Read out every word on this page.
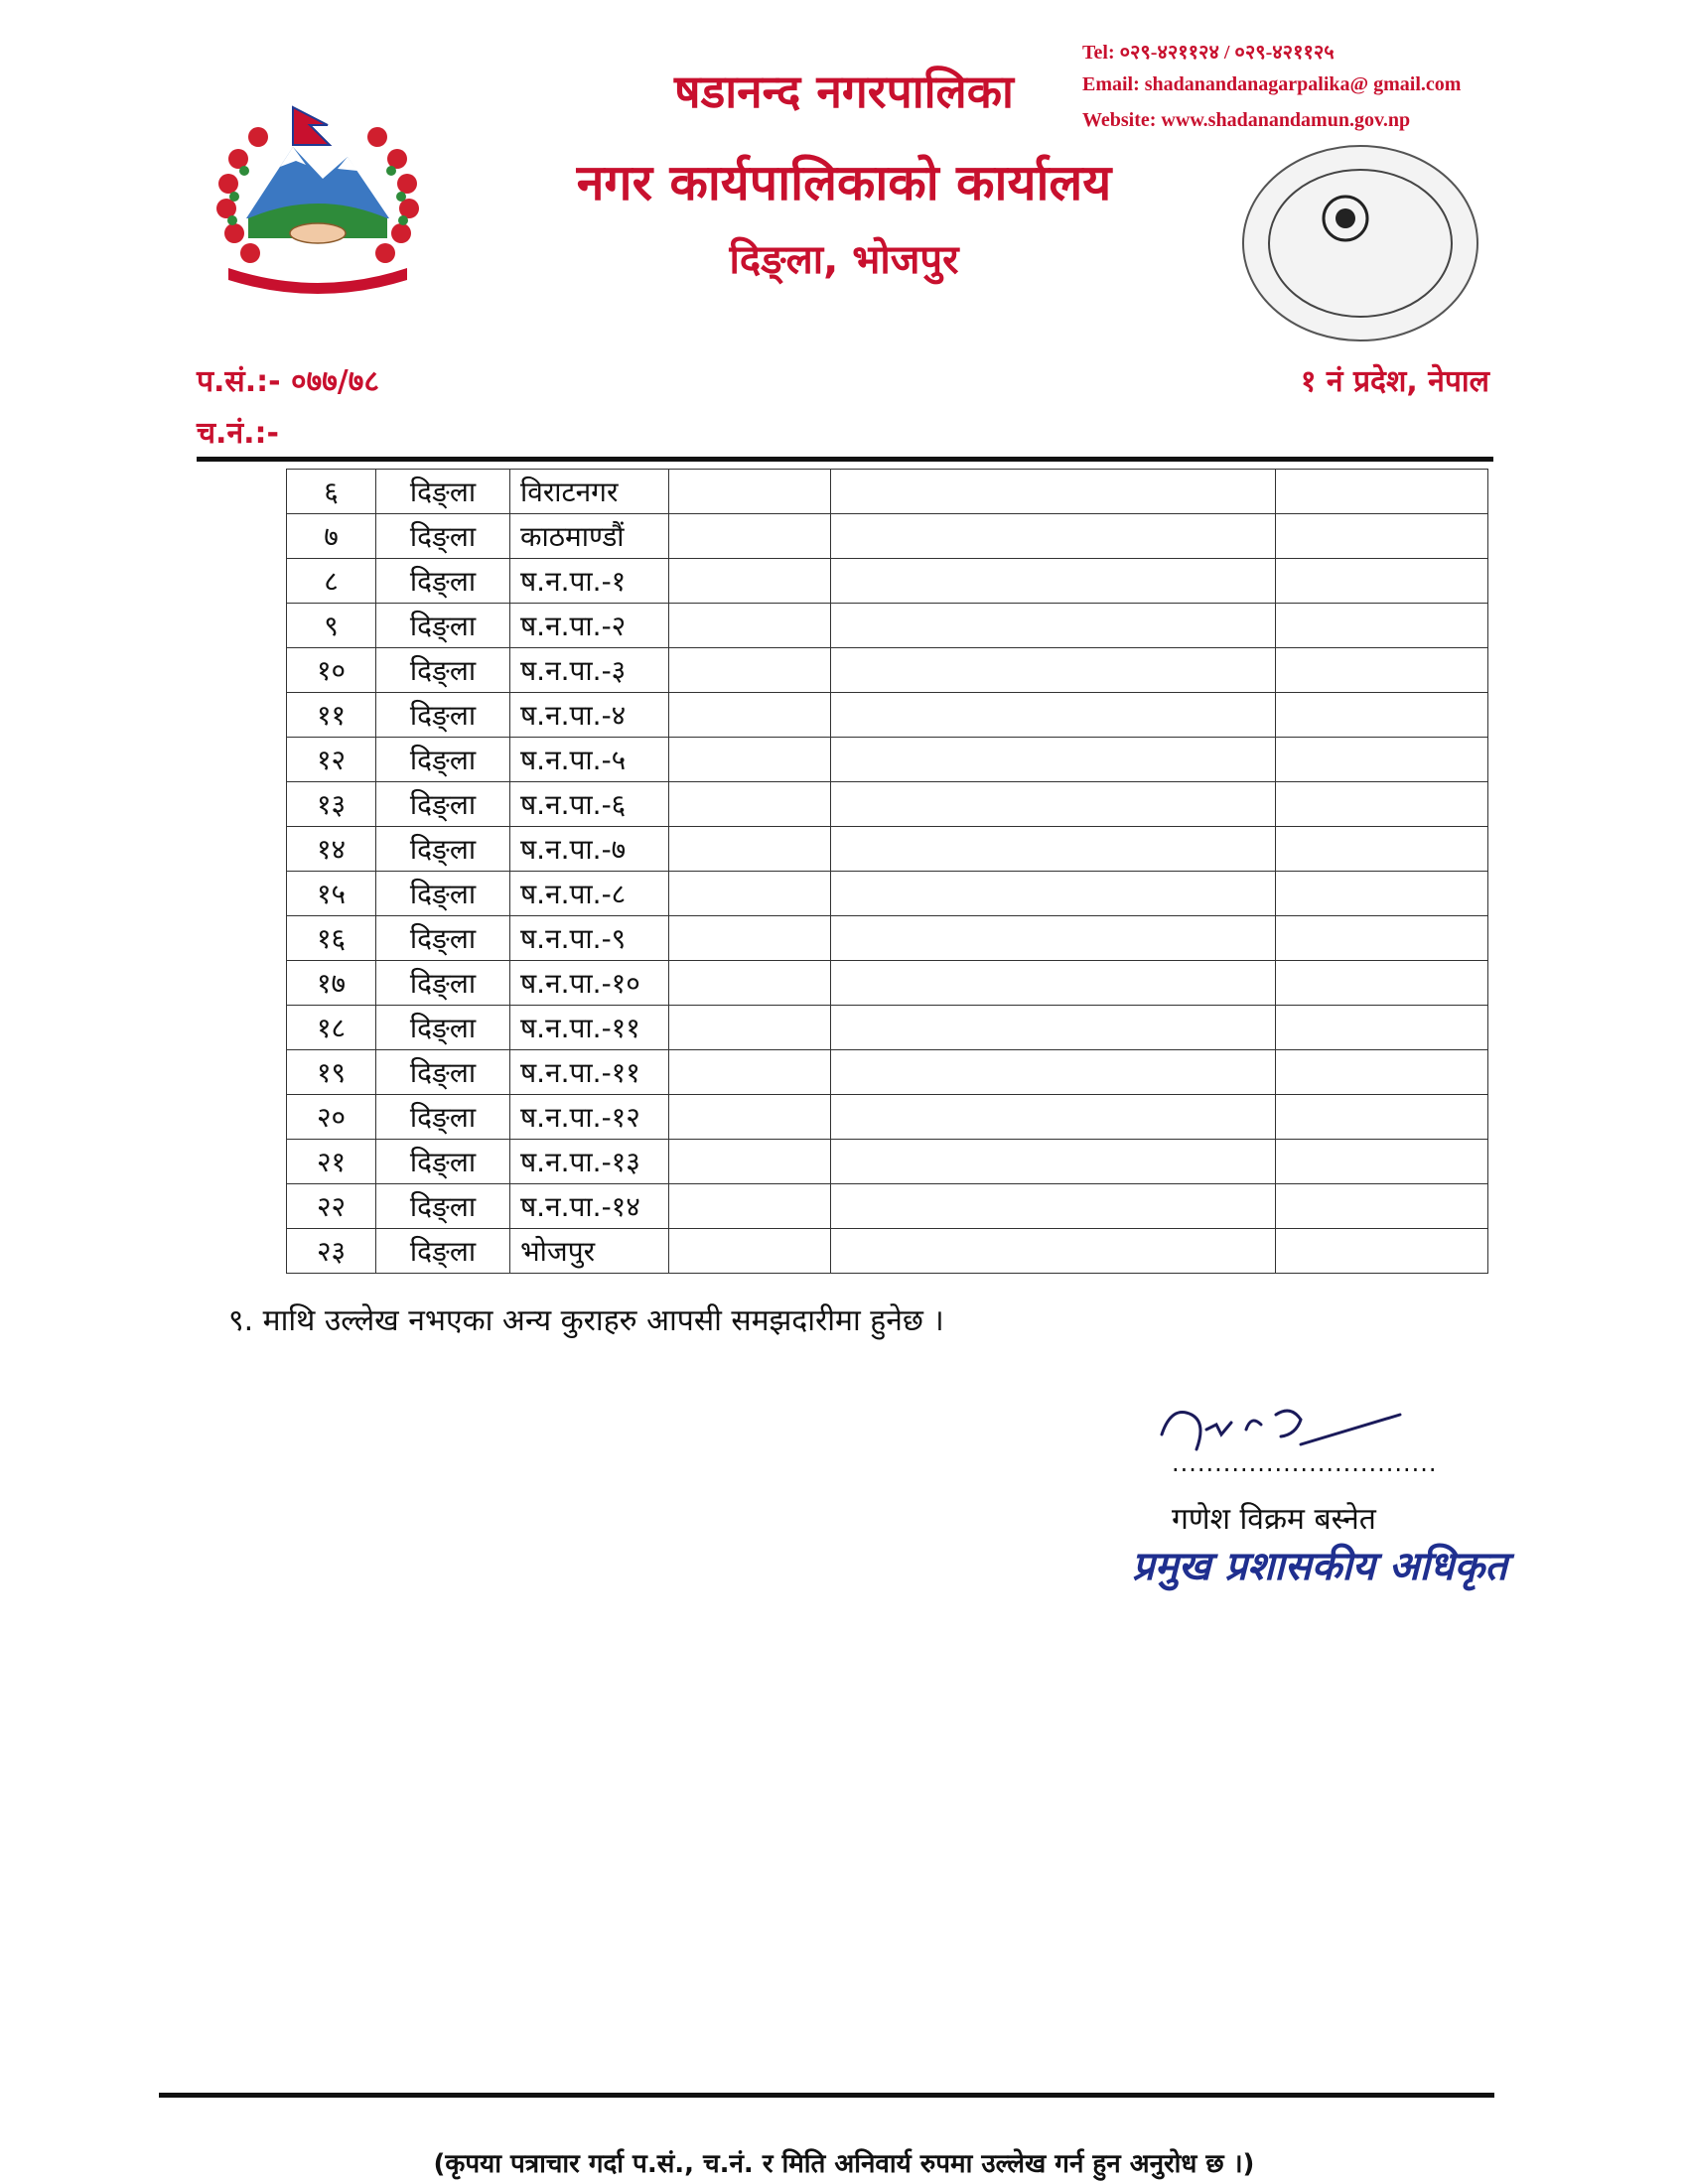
षडानन्द नगरपालिका
नगर कार्यपालिकाको कार्यालय
दिङ्ला, भोजपुर
Tel: ०२९-४२११२४ / ०२९-४२११२५
Email: shadanandanagarpalika@ gmail.com
Website: www.shadanandamun.gov.np
प.सं.:- ०७७/७८
च.नं.:-
१ नं प्रदेश, नेपाल
६	दिङ्ला	विराटनगर			
७	दिङ्ला	काठमाण्डौं			
८	दिङ्ला	ष.न.पा.-१			
९	दिङ्ला	ष.न.पा.-२			
१०	दिङ्ला	ष.न.पा.-३			
११	दिङ्ला	ष.न.पा.-४			
१२	दिङ्ला	ष.न.पा.-५			
१३	दिङ्ला	ष.न.पा.-६			
१४	दिङ्ला	ष.न.पा.-७			
१५	दिङ्ला	ष.न.पा.-८			
१६	दिङ्ला	ष.न.पा.-९			
१७	दिङ्ला	ष.न.पा.-१०			
१८	दिङ्ला	ष.न.पा.-११			
१९	दिङ्ला	ष.न.पा.-११			
२०	दिङ्ला	ष.न.पा.-१२			
२१	दिङ्ला	ष.न.पा.-१३			
२२	दिङ्ला	ष.न.पा.-१४			
२३	दिङ्ला	भोजपुर			
९. माथि उल्लेख नभएका अन्य कुराहरु आपसी समझदारीमा हुनेछ ।
...............................
गणेश विक्रम बस्नेत
प्रमुख प्रशासकीय अधिकृत
(कृपया पत्राचार गर्दा प.सं., च.नं. र मिति अनिवार्य रुपमा उल्लेख गर्न हुन अनुरोध छ ।)
